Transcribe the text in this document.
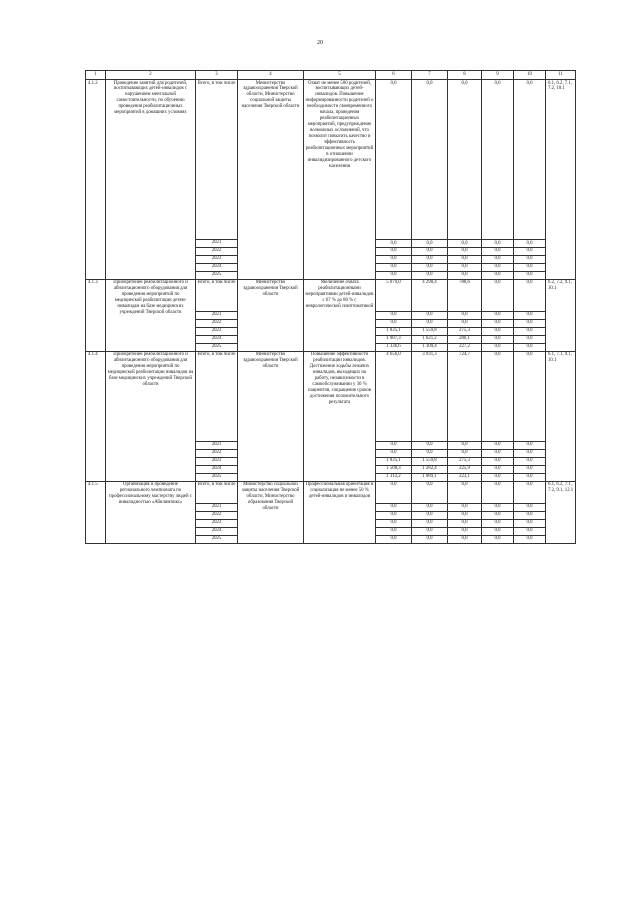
20
1	2	3	4	5	6	7	8	9	10	11
4.1.2	Проведение занятий для родителей, воспитывающих детей-инвалидов с нарушением ментальной самостоятельности, по обучению проведения реабилитационных мероприятий в домашних условиях	Всего, в том числе	Министерство здравоохранения Тверской области, Министерство социальной защиты населения Тверской области	Охват не менее 500 родителей, воспитывающих детей-инвалидов. Повышение информированности родителей о необходимости своевременного начала, проведения реабилитационных мероприятий, предупреждение возможных осложнений, что позволит повысить качество и эффективность реабилитационных мероприятий в отношении инвалидизированного детского населения	0,0	0,0	0,0	0,0	0,0	6.1, 6.2, 7.1, 7.2, 10.1
		2021			0,0	0,0	0,0	0,0	0,0	
		2022			0,0	0,0	0,0	0,0	0,0	
		2023			0,0	0,0	0,0	0,0	0,0	
		2024			0,0	0,0	0,0	0,0	0,0	
		2025			0,0	0,0	0,0	0,0	0,0	
4.1.3	Приобретение реабилитационного и абилитационного оборудования для проведения мероприятий по медицинской реабилитации детям-инвалидам на базе медицинских учреждений Тверской области	Всего, в том числе	Министерство здравоохранения Тверской области	Увеличение охвата реабилитационными мероприятиями детей-инвалидов с 67 % до 80 % с неврологической симптоматикой	5 079,0	4 290,4	788,6	0,0	0,0	6.2, 7.2, 9.1, 10.1
		2021			0,0	0,0	0,0	0,0	0,0	
		2022			0,0	0,0	0,0	0,0	0,0	
		2023			1 835,1	1 559,8	275,3	0,0	0,0	
		2024			1 907,3	1 621,2	286,1	0,0	0,0	
		2025			1 336,6	1 109,4	227,2	0,0	0,0	
4.1.4	Приобретение реабилитационного и абилитационного оборудования для проведения мероприятий по медицинской реабилитации инвалидов на базе медицинских учреждений Тверской области	Всего, в том числе	Министерство здравоохранения Тверской области	Повышение эффективности реабилитации инвалидов. Достижение ходьбы лежачих инвалидов, выходящих на работу, независимости в самообслуживании у 30 % пациентов, сокращение сроков достижения положительного результата	4 656,0	3 931,3	724,7	0,0	0,0	6.1, 7.1, 9.1, 10.1
		2021			0,0	0,0	0,0	0,0	0,0	
		2022			0,0	0,0	0,0	0,0	0,0	
		2023			1 835,1	1 559,8	275,3	0,0	0,0	
		2024			1 508,3	1 282,4	225,9	0,0	0,0	
		2025			1 312,2	1 089,1	223,1	0,0	0,0	
4.1.5	Организация и проведение регионального чемпионата по профессиональному мастерству людей с инвалидностью «Абилимпикс»	Всего, в том числе	Министерство социальной защиты населения Тверской области, Министерство образования Тверской области	Профессиональная ориентация и социализация не менее 50 % детей-инвалидов и инвалидов	0,0	0,0	0,0	0,0	0,0	6.1, 6.2, 7.1, 7.2, 9.1, 12.1
		2021			0,0	0,0	0,0	0,0	0,0	
		2022			0,0	0,0	0,0	0,0	0,0	
		2023			0,0	0,0	0,0	0,0	0,0	
		2024			0,0	0,0	0,0	0,0	0,0	
		2025			0,0	0,0	0,0	0,0	0,0	
